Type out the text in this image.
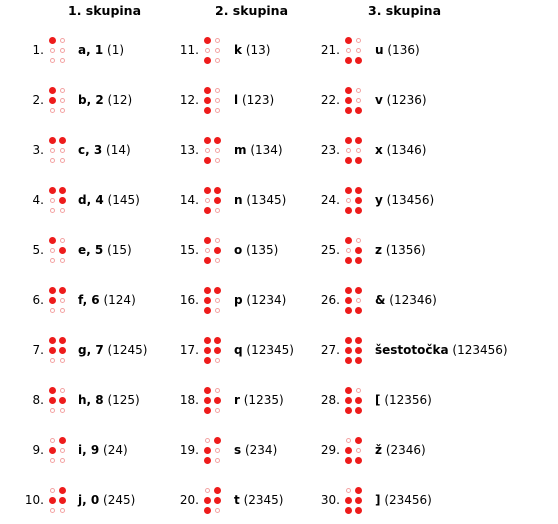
1. skupina	2. skupina	3. skupina
1.	a, 1 (1)
2.	b, 2 (12)
3.	c, 3 (14)
4.	d, 4 (145)
5.	e, 5 (15)
6.	f, 6 (124)
7.	g, 7 (1245)
8.	h, 8 (125)
9.	i, 9 (24)
10.	j, 0 (245)
11.	k (13)
12.	l (123)
13.	m (134)
14.	n (1345)
15.	o (135)
16.	p (1234)
17.	q (12345)
18.	r (1235)
19.	s (234)
20.	t (2345)
21.	u (136)
22.	v (1236)
23.	x (1346)
24.	y (13456)
25.	z (1356)
26.	& (12346)
27.	šestotočka (123456)
28.	[ (12356)
29.	ž (2346)
30.	] (23456)
